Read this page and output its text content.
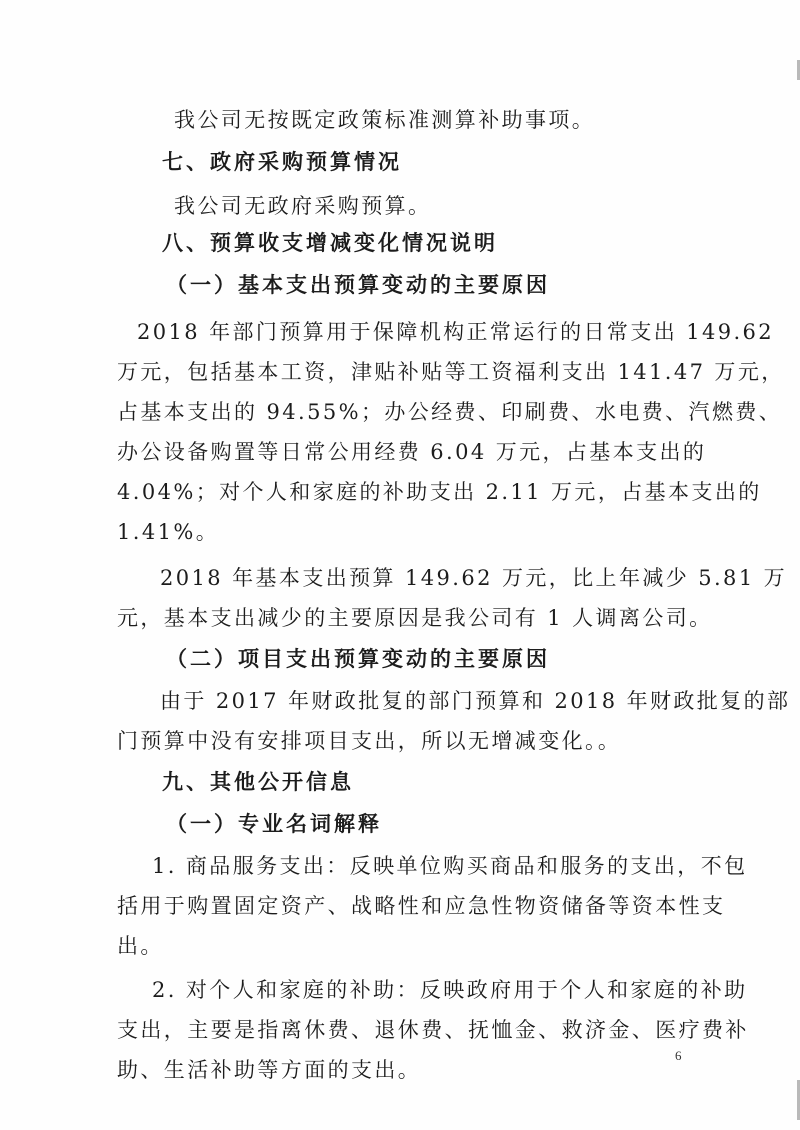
我公司无按既定政策标准测算补助事项。
七、政府采购预算情况
我公司无政府采购预算。
八、预算收支增减变化情况说明
（一）基本支出预算变动的主要原因
2018 年部门预算用于保障机构正常运行的日常支出 149.62
万元，包括基本工资，津贴补贴等工资福利支出 141.47 万元，
占基本支出的 94.55%；办公经费、印刷费、水电费、汽燃费、
办公设备购置等日常公用经费 6.04 万元，占基本支出的
4.04%；对个人和家庭的补助支出 2.11 万元，占基本支出的
1.41%。
2018 年基本支出预算 149.62 万元，比上年减少 5.81 万
元，基本支出减少的主要原因是我公司有 1 人调离公司。
（二）项目支出预算变动的主要原因
由于 2017 年财政批复的部门预算和 2018 年财政批复的部
门预算中没有安排项目支出，所以无增减变化。。
九、其他公开信息
（一）专业名词解释
1. 商品服务支出：反映单位购买商品和服务的支出，不包
括用于购置固定资产、战略性和应急性物资储备等资本性支
出。
2. 对个人和家庭的补助：反映政府用于个人和家庭的补助
支出，主要是指离休费、退休费、抚恤金、救济金、医疗费补
助、生活补助等方面的支出。
6
